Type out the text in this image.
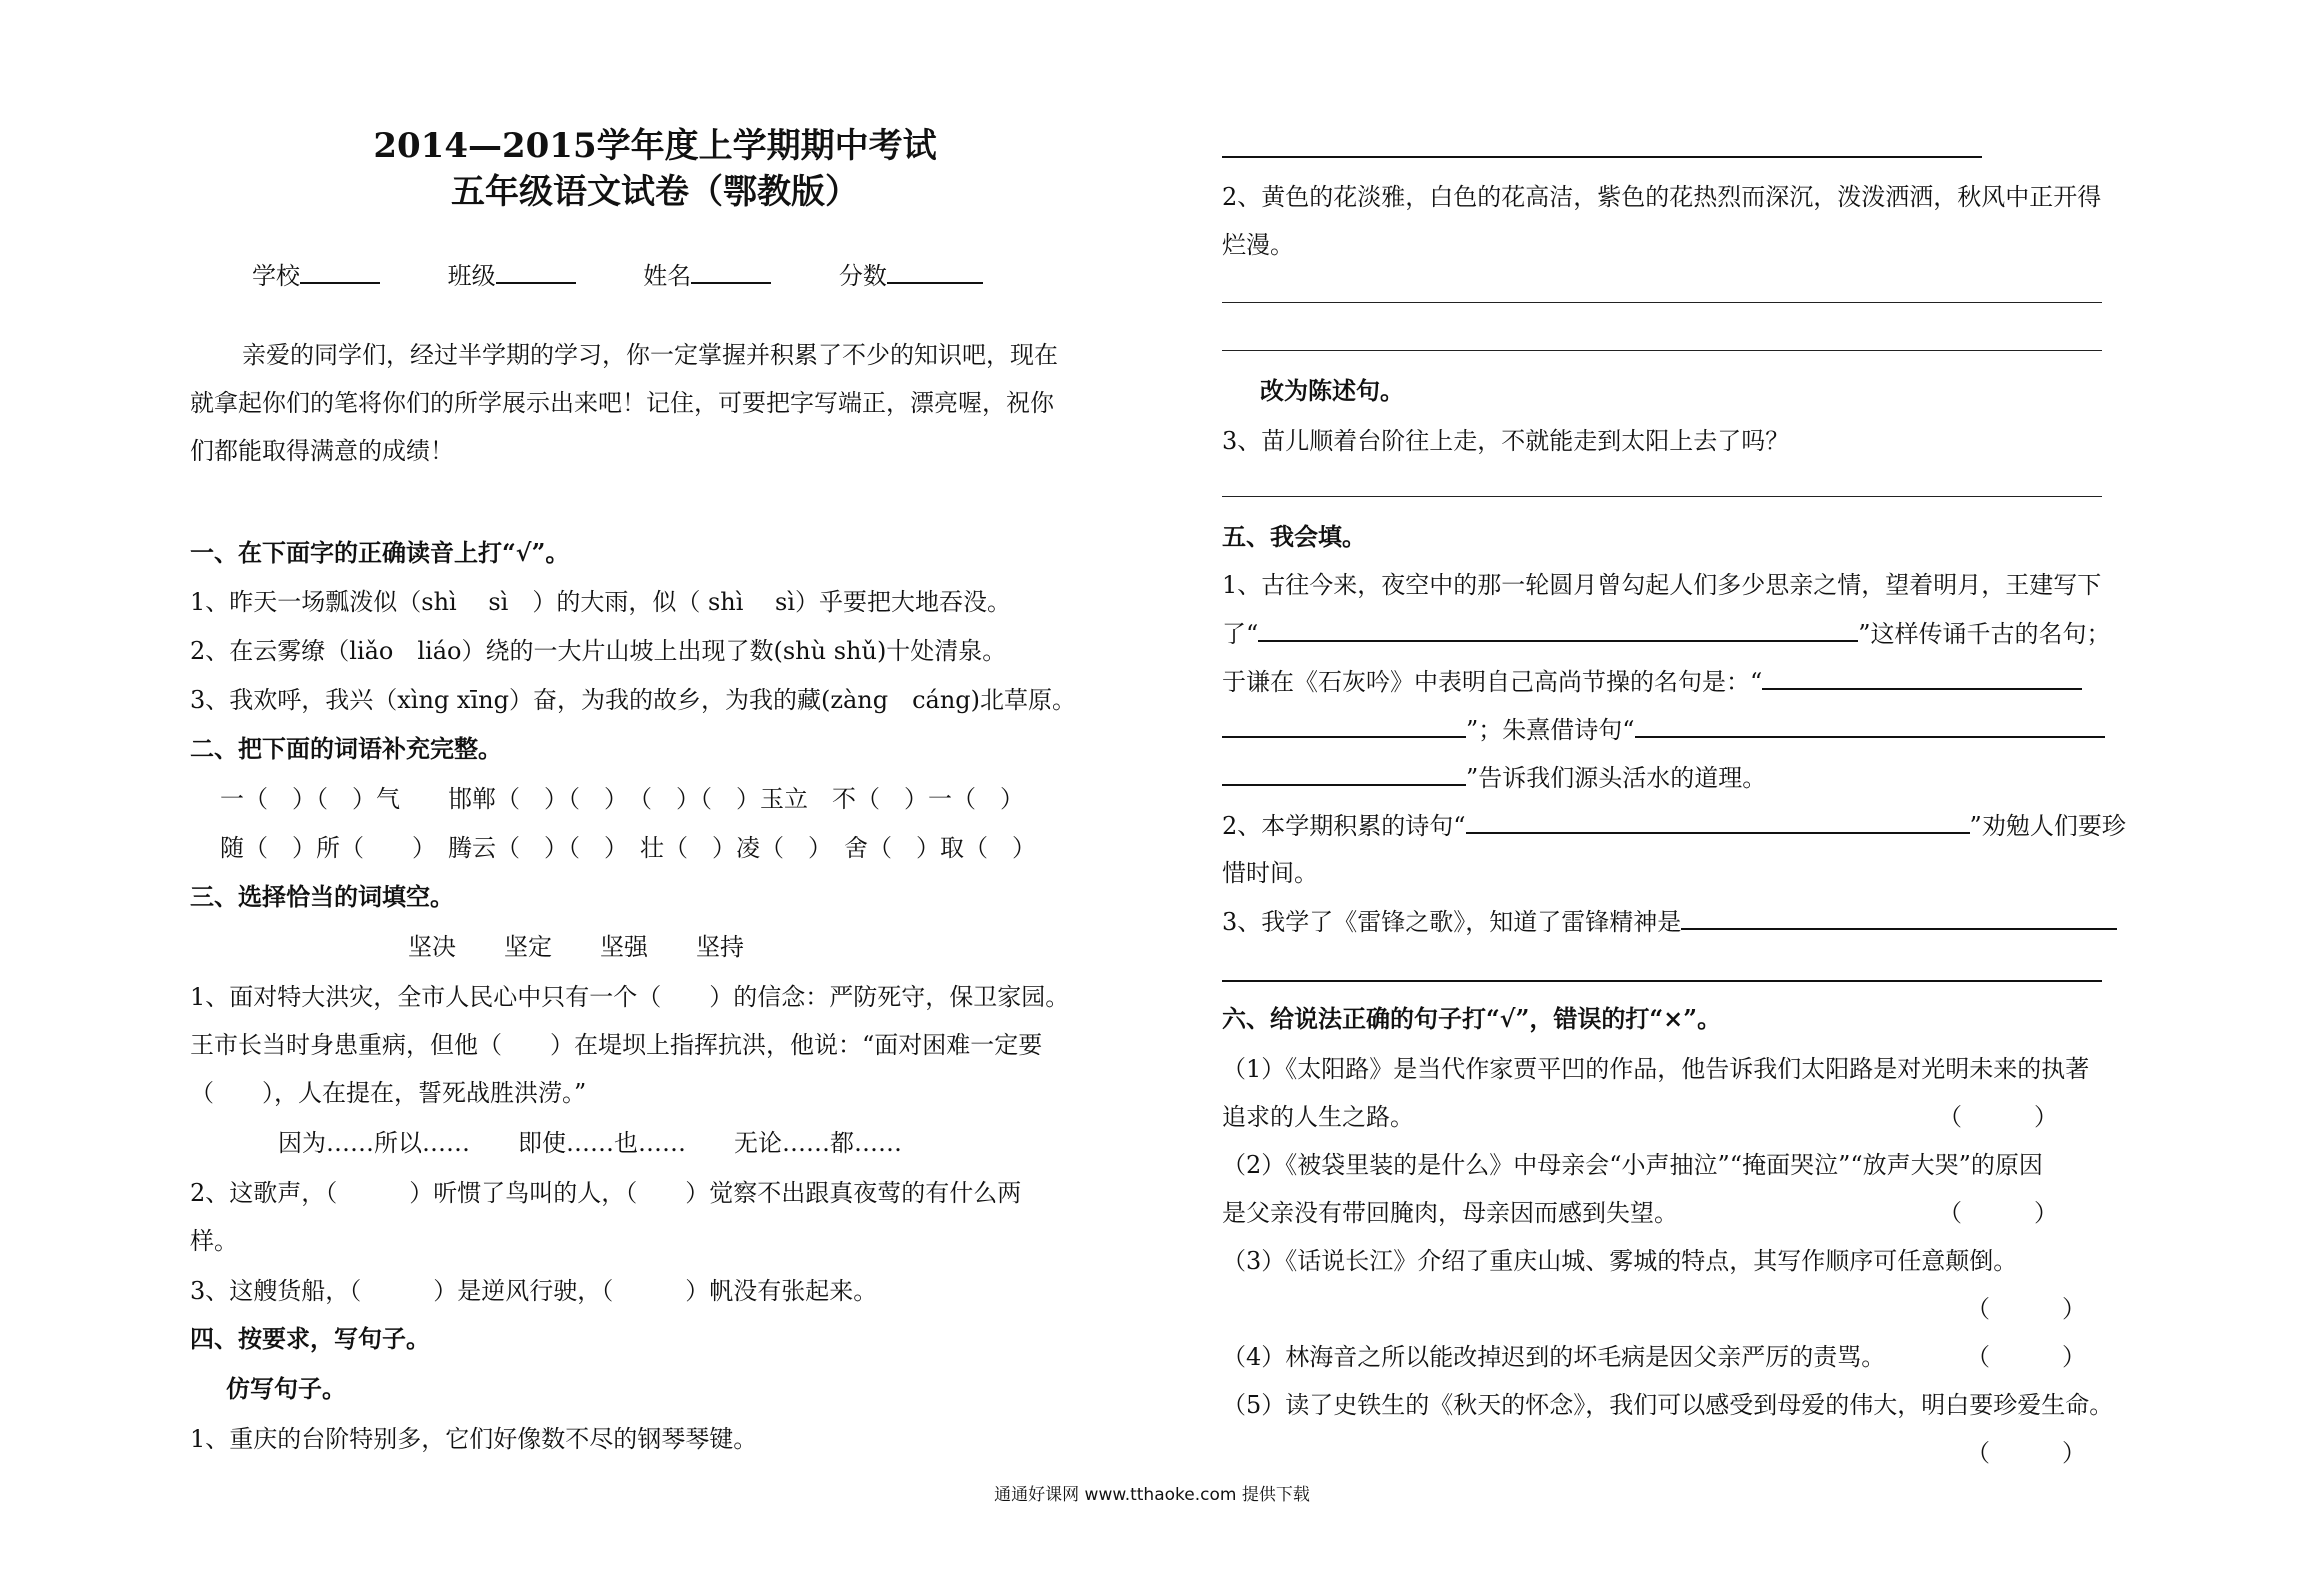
2014—2015学年度上学期期中考试
五年级语文试卷（鄂教版）
学校	班级	姓名	分数
亲爱的同学们，经过半学期的学习，你一定掌握并积累了不少的知识吧，现在
就拿起你们的笔将你们的所学展示出来吧！记住，可要把字写端正，漂亮喔，祝你
们都能取得满意的成绩！
一、在下面字的正确读音上打“√”。
1、昨天一场瓢泼似（shì　 sì　）的大雨，似（ shì　 sì）乎要把大地吞没。
2、在云雾缭（liǎo　liáo）绕的一大片山坡上出现了数(shù shǔ)十处清泉。
3、我欢呼，我兴（xìng xīng）奋，为我的故乡，为我的藏(zàng　cáng)北草原。
二、把下面的词语补充完整。
一（　）（　）气　　邯郸（　）（　）　（　）（　）玉立　不（　）一（　）
随（　）所（　　）　腾云（　）（　）　壮（　）凌（　）　舍（　）取（　）
三、选择恰当的词填空。
坚决　　坚定　　坚强　　坚持
1、面对特大洪灾，全市人民心中只有一个（　　）的信念：严防死守，保卫家园。
王市长当时身患重病，但他（　　）在堤坝上指挥抗洪，他说：“面对困难一定要
（　　），人在提在，誓死战胜洪涝。”
因为……所以……　　即使……也……　　无论……都……
2、这歌声，（　　　）听惯了鸟叫的人，（　　）觉察不出跟真夜莺的有什么两
样。
3、这艘货船，（　　　）是逆风行驶，（　　　）帆没有张起来。
四、按要求，写句子。
仿写句子。
1、重庆的台阶特别多，它们好像数不尽的钢琴琴键。
2、黄色的花淡雅，白色的花高洁，紫色的花热烈而深沉，泼泼洒洒，秋风中正开得
烂漫。
改为陈述句。
3、苗儿顺着台阶往上走，不就能走到太阳上去了吗？
五、我会填。
1、古往今来，夜空中的那一轮圆月曾勾起人们多少思亲之情，望着明月，王建写下
了“	”这样传诵千古的名句；
于谦在《石灰吟》中表明自己高尚节操的名句是：“
”；朱熹借诗句“
”告诉我们源头活水的道理。
2、本学期积累的诗句“	”劝勉人们要珍
惜时间。
3、我学了《雷锋之歌》，知道了雷锋精神是
六、给说法正确的句子打“√”，错误的打“×”。
（1）《太阳路》是当代作家贾平凹的作品，他告诉我们太阳路是对光明未来的执著
追求的人生之路。	（　　　）
（2）《被袋里装的是什么》中母亲会“小声抽泣”“掩面哭泣”“放声大哭”的原因
是父亲没有带回腌肉，母亲因而感到失望。	（　　　）
（3）《话说长江》介绍了重庆山城、雾城的特点，其写作顺序可任意颠倒。
（　　　）
（4）林海音之所以能改掉迟到的坏毛病是因父亲严厉的责骂。	（　　　）
（5）读了史铁生的《秋天的怀念》，我们可以感受到母爱的伟大，明白要珍爱生命。
（　　　）
通通好课网 www.tthaoke.com 提供下载
